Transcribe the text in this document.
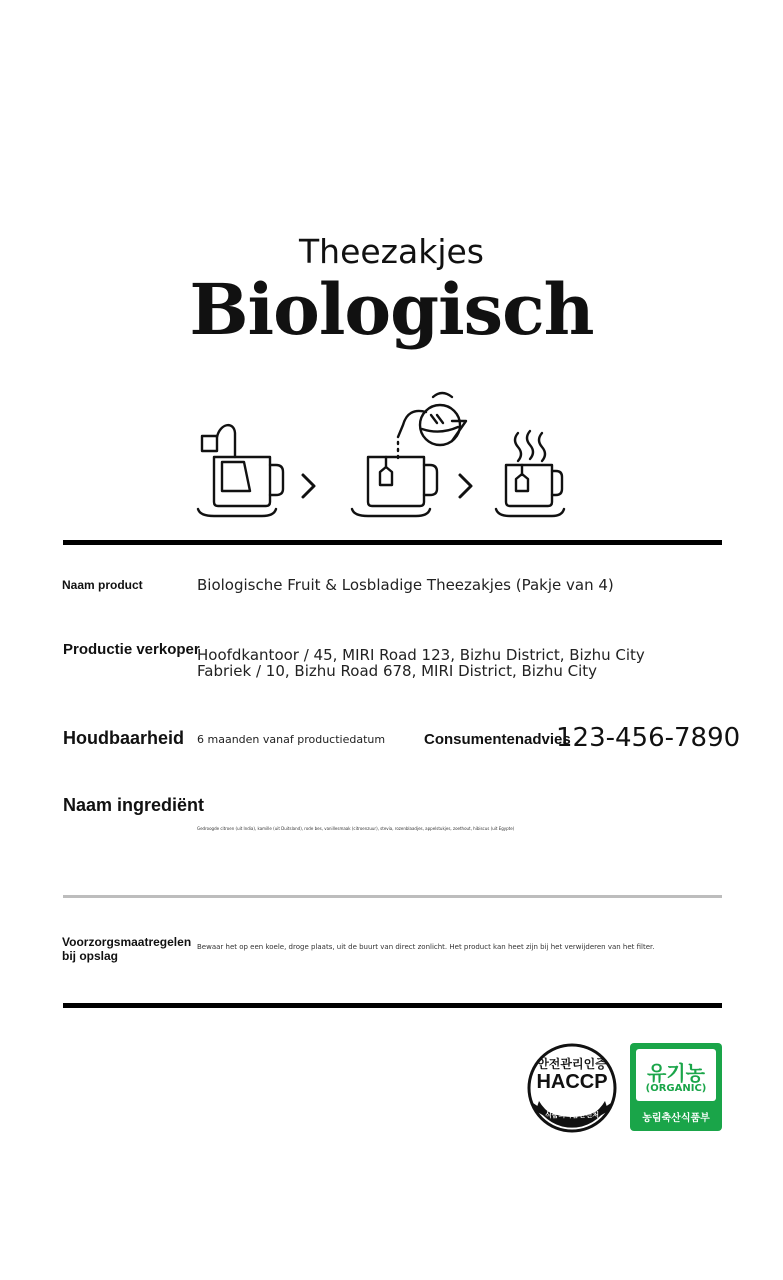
Theezakjes
Biologisch
Naam product	Biologische Fruit & Losbladige Theezakjes (Pakje van 4)
Productie verkoper
Hoofdkantoor / 45, MIRI Road 123, Bizhu District, Bizhu City
Fabriek / 10, Bizhu Road 678, MIRI District, Bizhu City
Houdbaarheid 6 maanden vanaf productiedatum	Consumentenadvies
123-456-7890
Naam ingrediënt
Gedroogde citroen (uit India), kamille (uit Duitsland), rode bes, vanillesmaak (citroenzuur), stevia, rozenblaadjes, appelstukjes, zoethout, hibiscus (uit Egypte)
Voorzorgsmaatregelen
bij opslag
Bewaar het op een koele, droge plaats, uit de buurt van direct zonlicht. Het product kan heet zijn bij het verwijderen van het filter.
안전관리인증
HACCP
식품의약품안전처
유기농
(ORGANIC)
농림축산식품부
